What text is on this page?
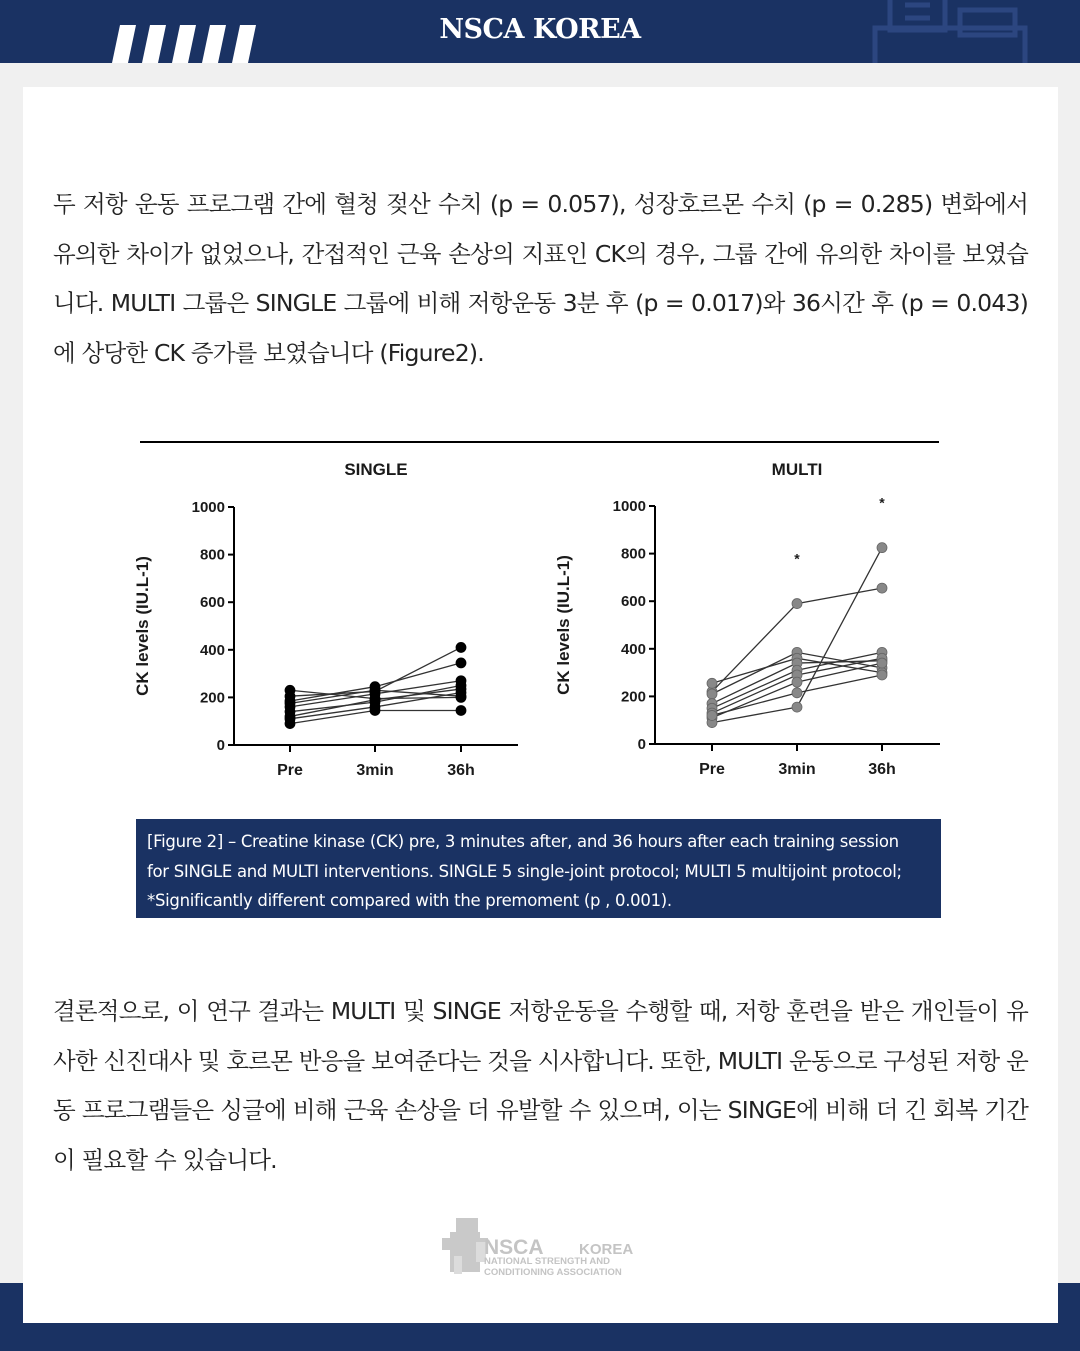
NSCA KOREA

두 저항 운동 프로그램 간에 혈청 젖산 수치 (p = 0.057), 성장호르몬 수치 (p = 0.285) 변화에서 유의한 차이가 없었으나, 간접적인 근육 손상의 지표인 CK의 경우, 그룹 간에 유의한 차이를 보였습니다. MULTI 그룹은 SINGLE 그룹에 비해 저항운동 3분 후 (p = 0.017)와 36시간 후 (p = 0.043)에 상당한 CK 증가를 보였습니다 (Figure2).

SINGLE
CK levels (IU.L-1)
0
200
400
600
800
1000
Pre	3min	36h
MULTI
CK levels (IU.L-1)
0
200
400
600
800
1000
Pre	3min	36h
*
*
[Figure 2] – Creatine kinase (CK) pre, 3 minutes after, and 36 hours after each training session
for SINGLE and MULTI interventions. SINGLE 5 single-joint protocol; MULTI 5 multijoint protocol;
*Significantly different compared with the premoment (p , 0.001).

결론적으로, 이 연구 결과는 MULTI 및 SINGE 저항운동을 수행할 때, 저항 훈련을 받은 개인들이 유사한 신진대사 및 호르몬 반응을 보여준다는 것을 시사합니다. 또한, MULTI 운동으로 구성된 저항 운동 프로그램들은 싱글에 비해 근육 손상을 더 유발할 수 있으며, 이는 SINGE에 비해 더 긴 회복 기간이 필요할 수 있습니다.

NSCA KOREA
NATIONAL STRENGTH AND
CONDITIONING ASSOCIATION
